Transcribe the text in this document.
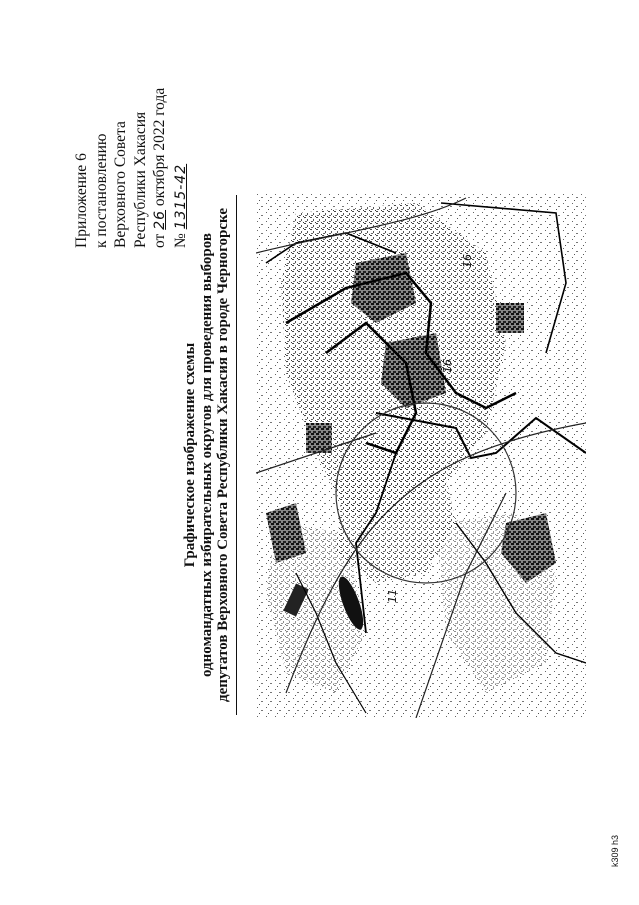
Приложение 6 к постановлению Верховного Совета Республики Хакасия от 26 октября 2022 года
№ 1315-42
Графическое изображение схемы одномандатных избирательных округов для проведения выборов депутатов Верховного Совета Республики Хакасия в городе Черногорске	16
16
11
k309 h3
